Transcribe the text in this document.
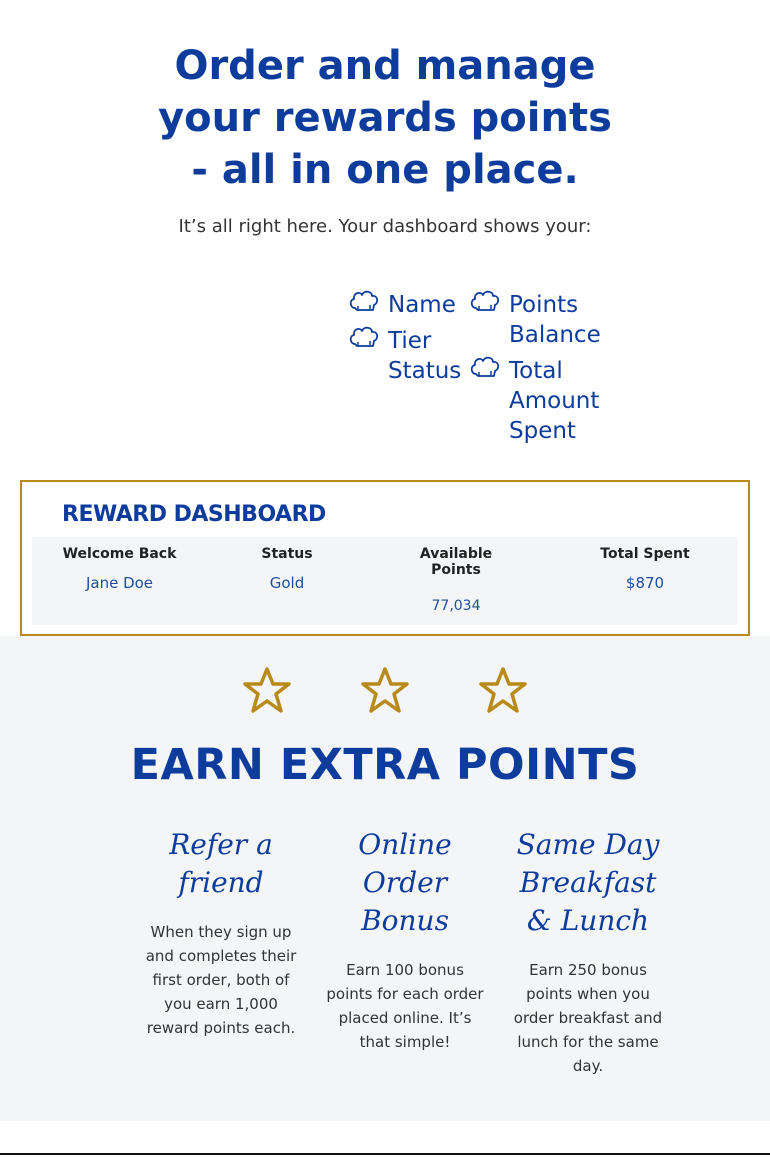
Order and manage
your rewards points
- all in one place.
It’s all right here. Your dashboard shows your:
Name
Tier Status
Points Balance
Total Amount Spent
REWARD DASHBOARD
Welcome Back
Jane Doe
Status
Gold
Available Points
77,034
Total Spent
$870
EARN EXTRA POINTS
Refer a friend
When they sign up and completes their first order, both of you earn 1,000 reward points each.
Online Order Bonus
Earn 100 bonus points for each order placed online. It’s that simple!
Same Day Breakfast & Lunch
Earn 250 bonus points when you order breakfast and lunch for the same day.
